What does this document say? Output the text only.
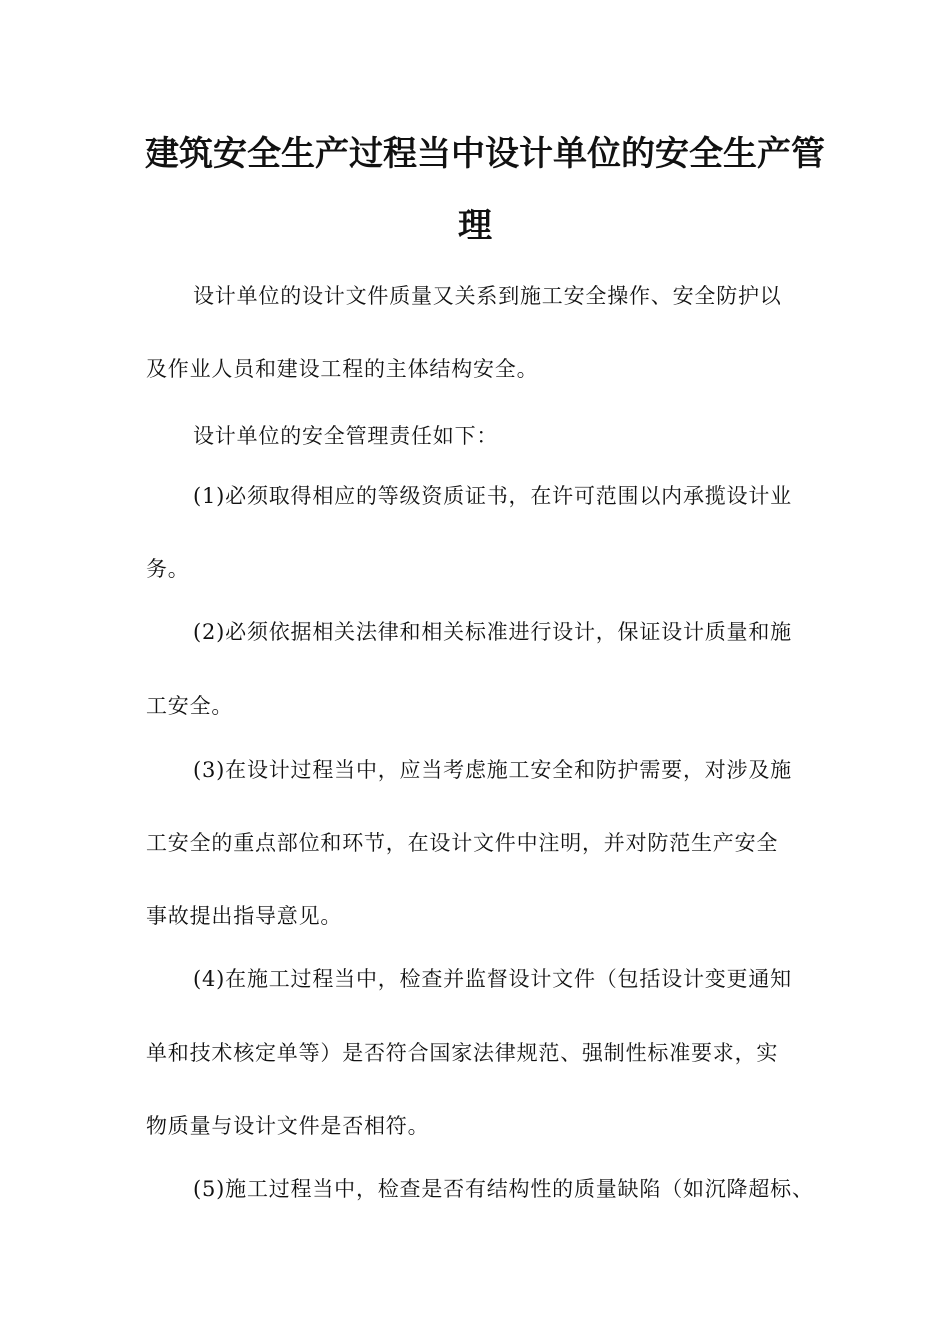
建筑安全生产过程当中设计单位的安全生产管
理
设计单位的设计文件质量又关系到施工安全操作、安全防护以
及作业人员和建设工程的主体结构安全。
设计单位的安全管理责任如下：
(1)必须取得相应的等级资质证书，在许可范围以内承揽设计业
务。
(2)必须依据相关法律和相关标准进行设计，保证设计质量和施
工安全。
(3)在设计过程当中，应当考虑施工安全和防护需要，对涉及施
工安全的重点部位和环节，在设计文件中注明，并对防范生产安全
事故提出指导意见。
(4)在施工过程当中，检查并监督设计文件（包括设计变更通知
单和技术核定单等）是否符合国家法律规范、强制性标准要求，实
物质量与设计文件是否相符。
(5)施工过程当中，检查是否有结构性的质量缺陷（如沉降超标、
